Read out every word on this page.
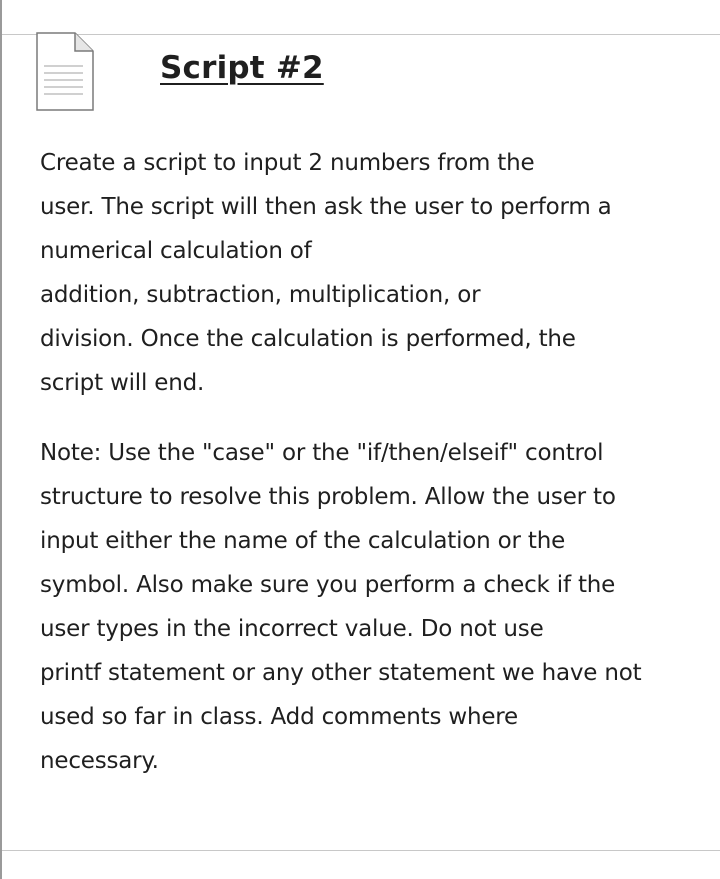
Script #2

Create a script to input 2 numbers from the
user. The script will then ask the user to perform a
numerical calculation of
addition, subtraction, multiplication, or
division. Once the calculation is performed, the
script will end.

Note: Use the "case" or the "if/then/elseif" control
structure to resolve this problem. Allow the user to
input either the name of the calculation or the
symbol. Also make sure you perform a check if the
user types in the incorrect value. Do not use
printf statement or any other statement we have not
used so far in class. Add comments where
necessary.
